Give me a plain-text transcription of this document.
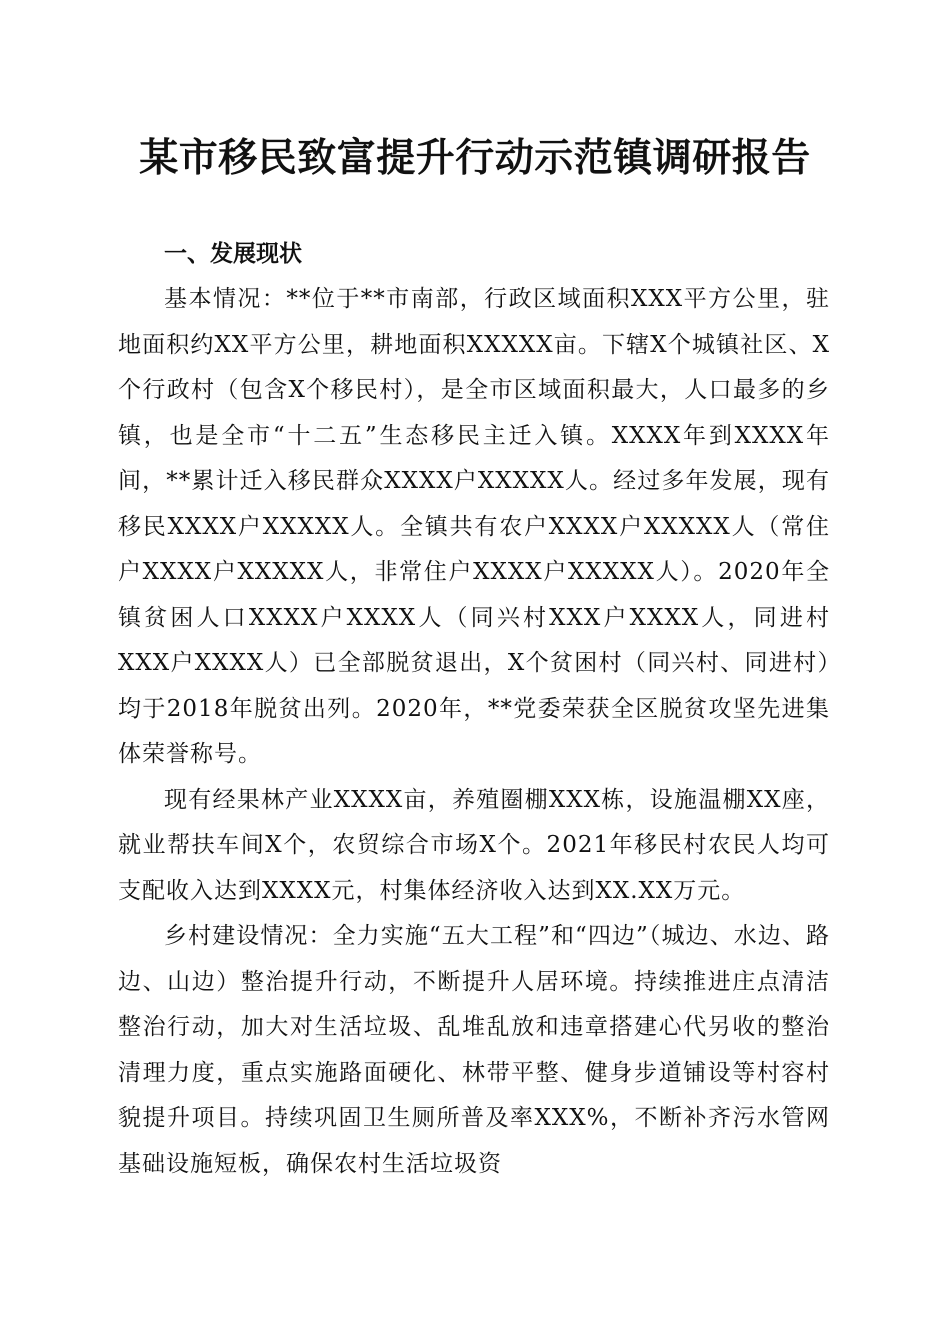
某市移民致富提升行动示范镇调研报告
一、发展现状

基本情况：**位于**市南部，行政区域面积XXX平方公里，驻地面积约XX平方公里，耕地面积XXXXX亩。下辖X个城镇社区、X个行政村（包含X个移民村），是全市区域面积最大，人口最多的乡镇，也是全市“十二五”生态移民主迁入镇。XXXX年到XXXX年间，**累计迁入移民群众XXXX户XXXXX人。经过多年发展，现有移民XXXX户XXXXX人。全镇共有农户XXXX户XXXXX人（常住户XXXX户XXXXX人，非常住户XXXX户XXXXX人）。2020年全镇贫困人口XXXX户XXXX人（同兴村XXX户XXXX人，同进村XXX户XXXX人）已全部脱贫退出，X个贫困村（同兴村、同进村）均于2018年脱贫出列。2020年，**党委荣获全区脱贫攻坚先进集体荣誉称号。

现有经果林产业XXXX亩，养殖圈棚XXX栋，设施温棚XX座，就业帮扶车间X个，农贸综合市场X个。2021年移民村农民人均可支配收入达到XXXX元，村集体经济收入达到XX.XX万元。

乡村建设情况：全力实施“五大工程”和“四边”（城边、水边、路边、山边）整治提升行动，不断提升人居环境。持续推进庄点清洁整治行动，加大对生活垃圾、乱堆乱放和违章搭建心代另收的整治清理力度，重点实施路面硬化、林带平整、健身步道铺设等村容村貌提升项目。持续巩固卫生厕所普及率XXX%，不断补齐污水管网基础设施短板，确保农村生活垃圾资
